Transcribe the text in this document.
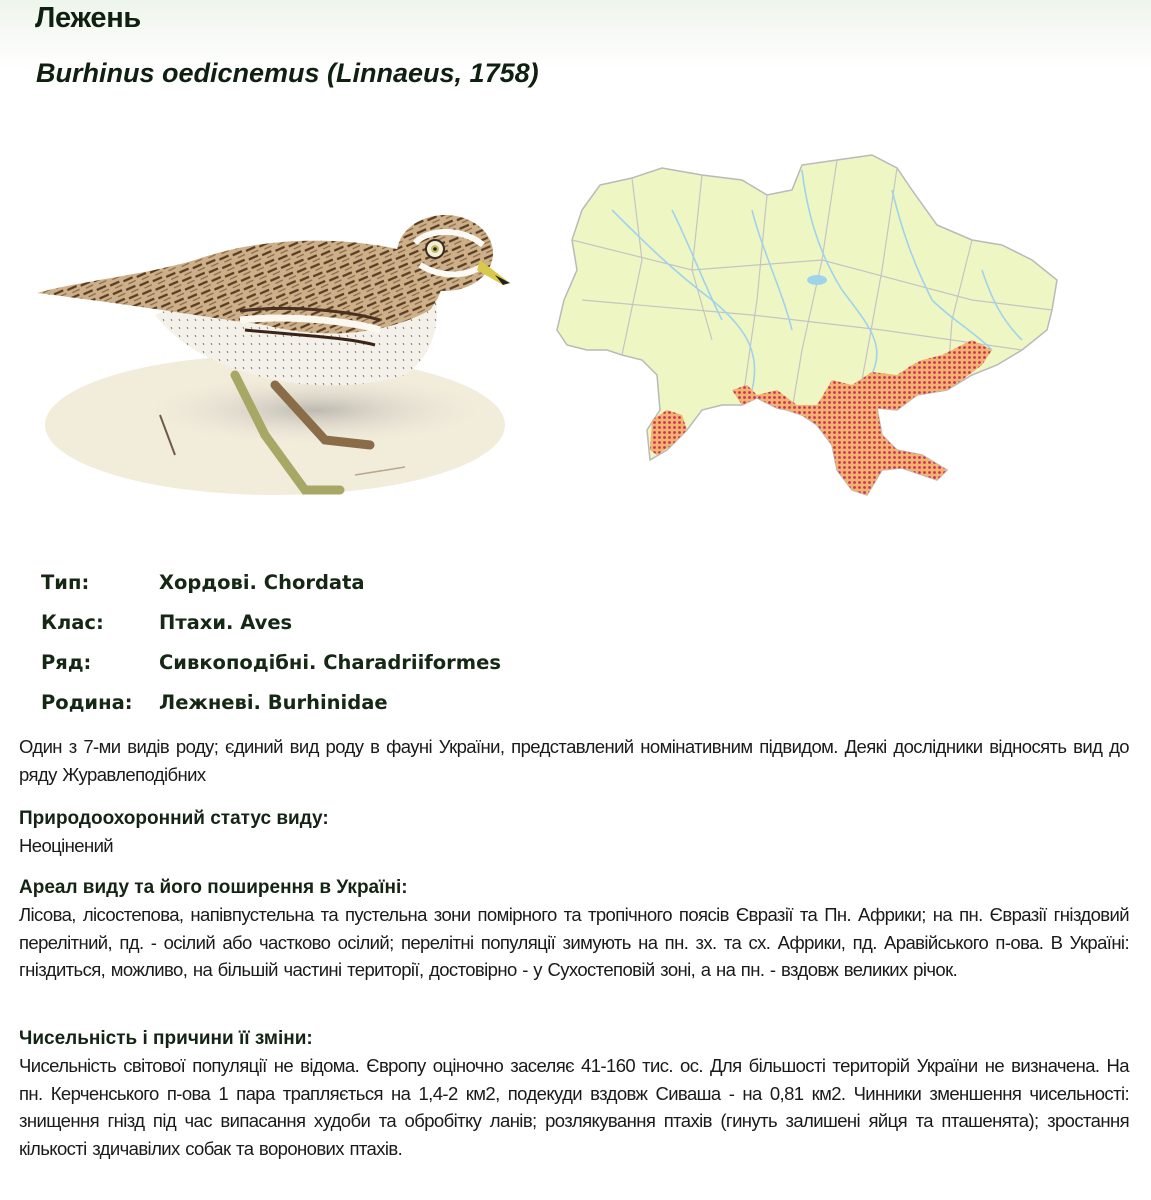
Лежень
Burhinus oedicnemus (Linnaeus, 1758)
Тип:	Хордові. Chordata
Клас:	Птахи. Aves
Ряд:	Сивкоподібні. Charadriiformes
Родина:	Лежневі. Burhinidae

Один з 7-ми видів роду; єдиний вид роду в фауні України, представлений номінативним підвидом. Деякі дослідники відносять вид до ряду Журавлеподібних

Природоохоронний статус виду:

Неоцінений

Ареал виду та його поширення в Україні:

Лісова, лісостепова, напівпустельна та пустельна зони помірного та тропічного поясів Євразії та Пн. Африки; на пн. Євразії гніздовий перелітний, пд. - осілий або частково осілий; перелітні популяції зимують на пн. зх. та сх. Африки, пд. Аравійського п-ова. В Україні: гніздиться, можливо, на більшій частині території, достовірно - у Сухостеповій зоні, а на пн. - вздовж великих річок.

Чисельність і причини її зміни:

Чисельність світової популяції не відома. Європу оціночно заселяє 41-160 тис. ос. Для більшості територій України не визначена. На пн. Керченського п-ова 1 пара трапляється на 1,4-2 км2, подекуди вздовж Сиваша - на 0,81 км2. Чинники зменшення чисельності: знищення гнізд під час випасання худоби та обробітку ланів; розлякування птахів (гинуть залишені яйця та пташенята); зростання кількості здичавілих собак та воронових птахів.
